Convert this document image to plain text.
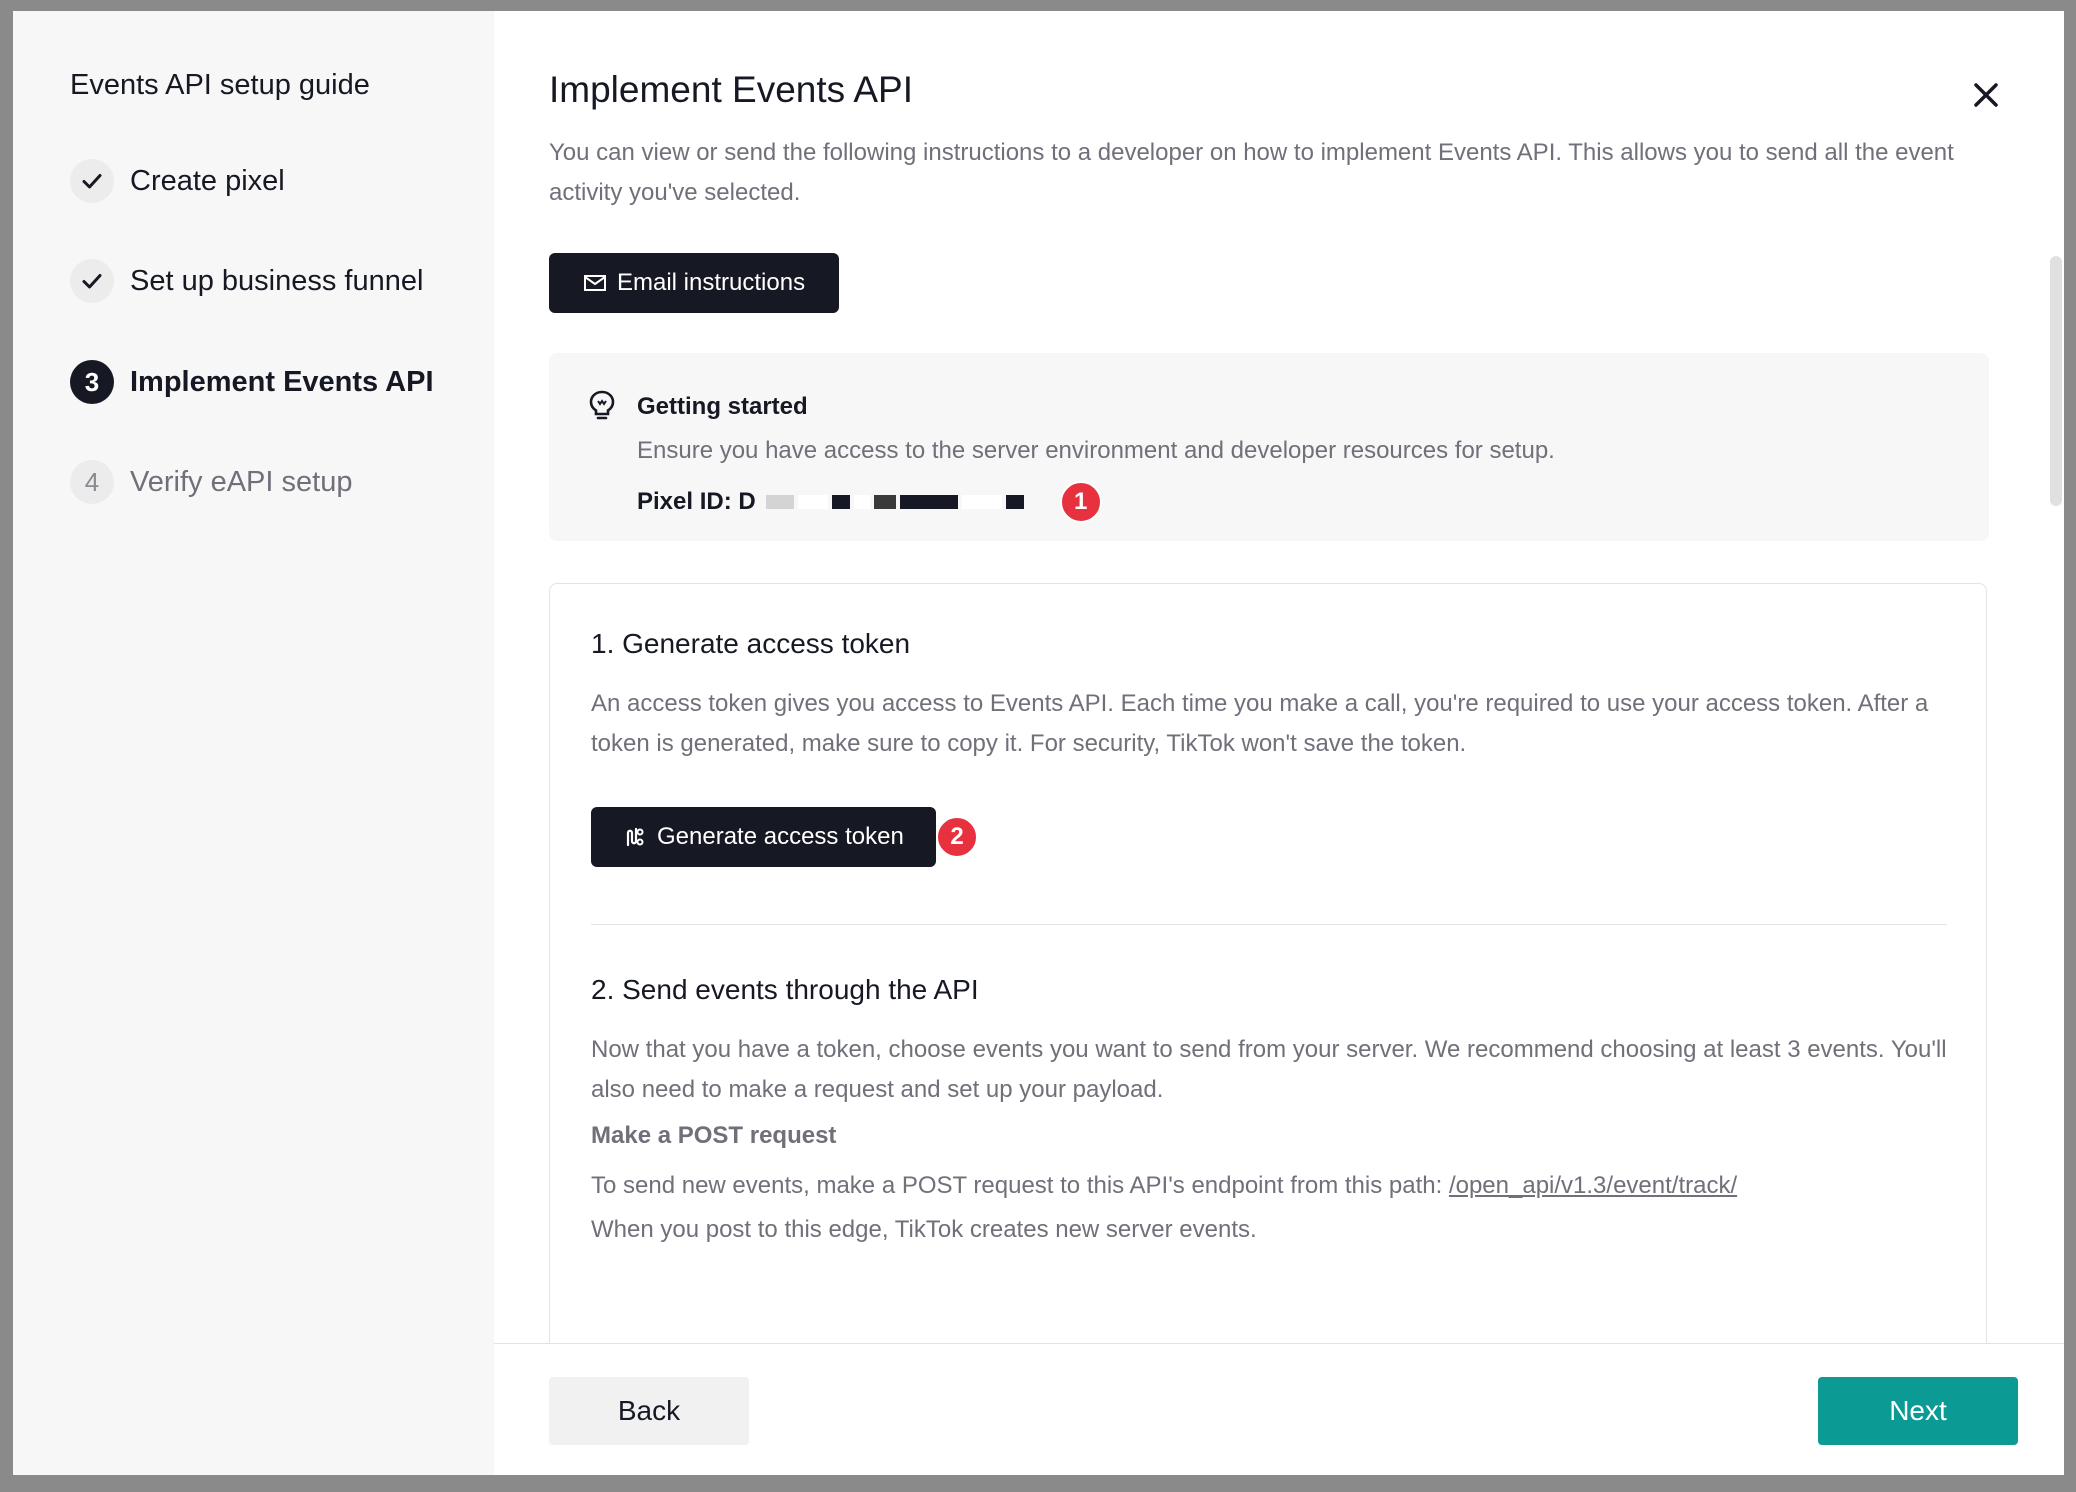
Events API setup guide
Create pixel
Set up business funnel
3	Implement Events API
4	Verify eAPI setup
Implement Events API
You can view or send the following instructions to a developer on how to implement Events API. This allows you to send all the event activity you've selected.
Email instructions
Getting started
Ensure you have access to the server environment and developer resources for setup.
Pixel ID: D	1
1. Generate access token
An access token gives you access to Events API. Each time you make a call, you're required to use your access token. After a token is generated, make sure to copy it. For security, TikTok won't save the token.
Generate access token	2
2. Send events through the API
Now that you have a token, choose events you want to send from your server. We recommend choosing at least 3 events. You'll also need to make a request and set up your payload.
Make a POST request
To send new events, make a POST request to this API's endpoint from this path: /open_api/v1.3/event/track/
When you post to this edge, TikTok creates new server events.
Back	Next
